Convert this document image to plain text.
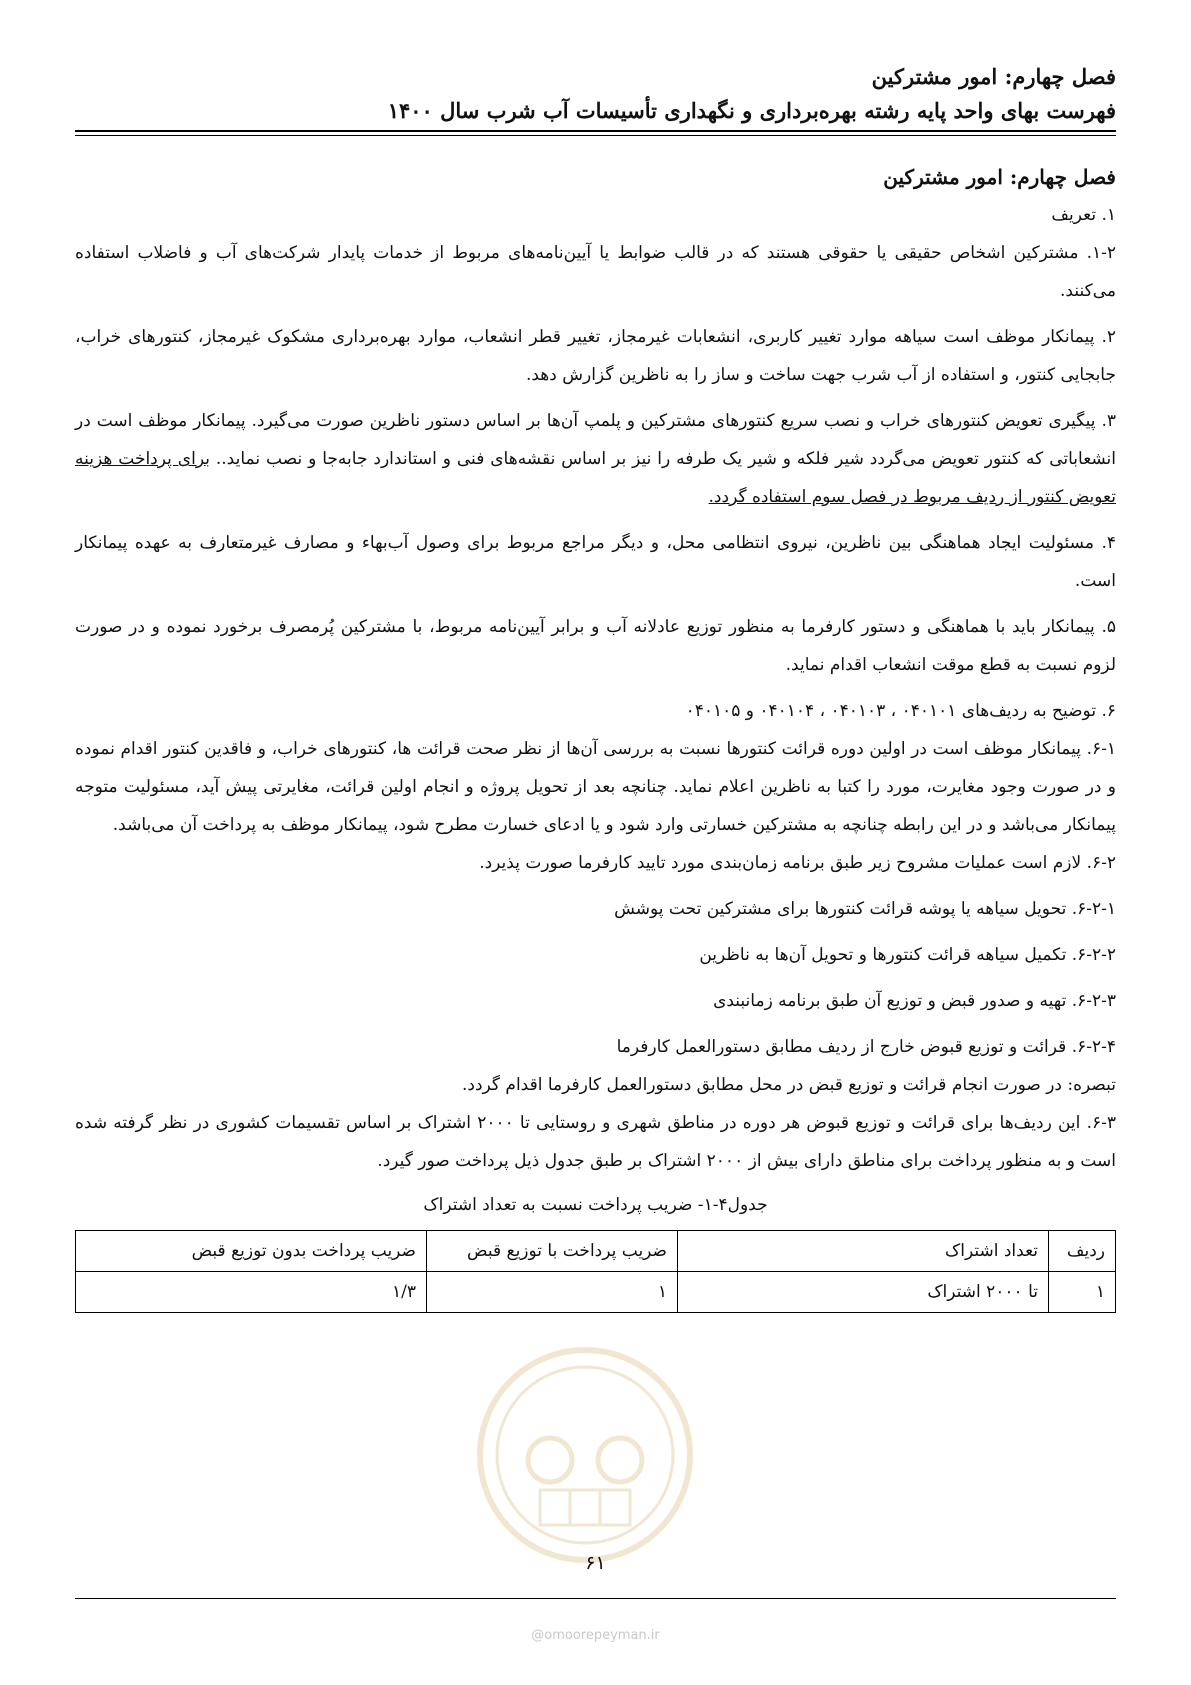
فصل چهارم: امور مشترکین
فهرست بهای واحد پایه رشته بهره‌برداری و نگهداری تأسیسات آب شرب سال ۱۴۰۰

فصل چهارم: امور مشترکین

۱. تعریف

۱-۲. مشترکین اشخاص حقیقی یا حقوقی هستند که در قالب ضوابط یا آیین‌نامه‌های مربوط از خدمات پایدار شرکت‌های آب و فاضلاب استفاده می‌کنند.

۲. پیمانکار موظف است سیاهه موارد تغییر کاربری، انشعابات غیرمجاز، تغییر قطر انشعاب، موارد بهره‌برداری مشکوک غیرمجاز، کنتورهای خراب، جابجایی کنتور، و استفاده از آب شرب جهت ساخت و ساز را به ناظرین گزارش دهد.

۳. پیگیری تعویض کنتورهای خراب و نصب سریع کنتورهای مشترکین و پلمپ آن‌ها بر اساس دستور ناظرین صورت می‌گیرد. پیمانکار موظف است در انشعاباتی که کنتور تعویض می‌گردد شیر فلکه و شیر یک طرفه را نیز بر اساس نقشه‌های فنی و استاندارد جابه‌جا و نصب نماید.. برای پرداخت هزینه تعویض کنتور از ردیف مربوط در فصل سوم استفاده گردد.

۴. مسئولیت ایجاد هماهنگی بین ناظرین، نیروی انتظامی محل، و دیگر مراجع مربوط برای وصول آب‌بهاء و مصارف غیرمتعارف به عهده پیمانکار است.

۵. پیمانکار باید با هماهنگی و دستور کارفرما به منظور توزیع عادلانه آب و برابر آیین‌نامه مربوط، با مشترکین پُرمصرف برخورد نموده و در صورت لزوم نسبت به قطع موقت انشعاب اقدام نماید.

۶. توضیح به ردیف‌های ۰۴۰۱۰۱ ، ۰۴۰۱۰۳ ، ۰۴۰۱۰۴ و ۰۴۰۱۰۵

۶-۱. پیمانکار موظف است در اولین دوره قرائت کنتورها نسبت به بررسی آن‌ها از نظر صحت قرائت ها، کنتورهای خراب، و فاقدین کنتور اقدام نموده و در صورت وجود مغایرت، مورد را کتبا به ناظرین اعلام نماید. چنانچه بعد از تحویل پروژه و انجام اولین قرائت، مغایرتی پیش آید، مسئولیت متوجه پیمانکار می‌باشد و در این رابطه چنانچه به مشترکین خسارتی وارد شود و یا ادعای خسارت مطرح شود، پیمانکار موظف به پرداخت آن می‌باشد.

۶-۲. لازم است عملیات مشروح زیر طبق برنامه زمان‌بندی مورد تایید کارفرما صورت پذیرد.

۶-۲-۱. تحویل سیاهه یا پوشه قرائت کنتورها برای مشترکین تحت پوشش

۶-۲-۲. تکمیل سیاهه قرائت کنتورها و تحویل آن‌ها به ناظرین

۶-۲-۳. تهیه و صدور قبض و توزیع آن طبق برنامه زمانبندی

۶-۲-۴. قرائت و توزیع قبوض خارج از ردیف مطابق دستورالعمل کارفرما

تبصره: در صورت انجام قرائت و توزیع قبض در محل مطابق دستورالعمل کارفرما اقدام گردد.

۶-۳. این ردیف‌ها برای قرائت و توزیع قبوض هر دوره در مناطق شهری و روستایی تا ۲۰۰۰ اشتراک بر اساس تقسیمات کشوری در نظر گرفته شده است و به منظور پرداخت برای مناطق دارای بیش از ۲۰۰۰ اشتراک بر طبق جدول ذیل پرداخت صور گیرد.

جدول۴-۱- ضریب پرداخت نسبت به تعداد اشتراک

ردیف	تعداد اشتراک	ضریب پرداخت با توزیع قبض	ضریب پرداخت بدون توزیع قبض
۱	تا ۲۰۰۰ اشتراک	۱	۱/۳
۶۱
@omoorepeyman.ir
